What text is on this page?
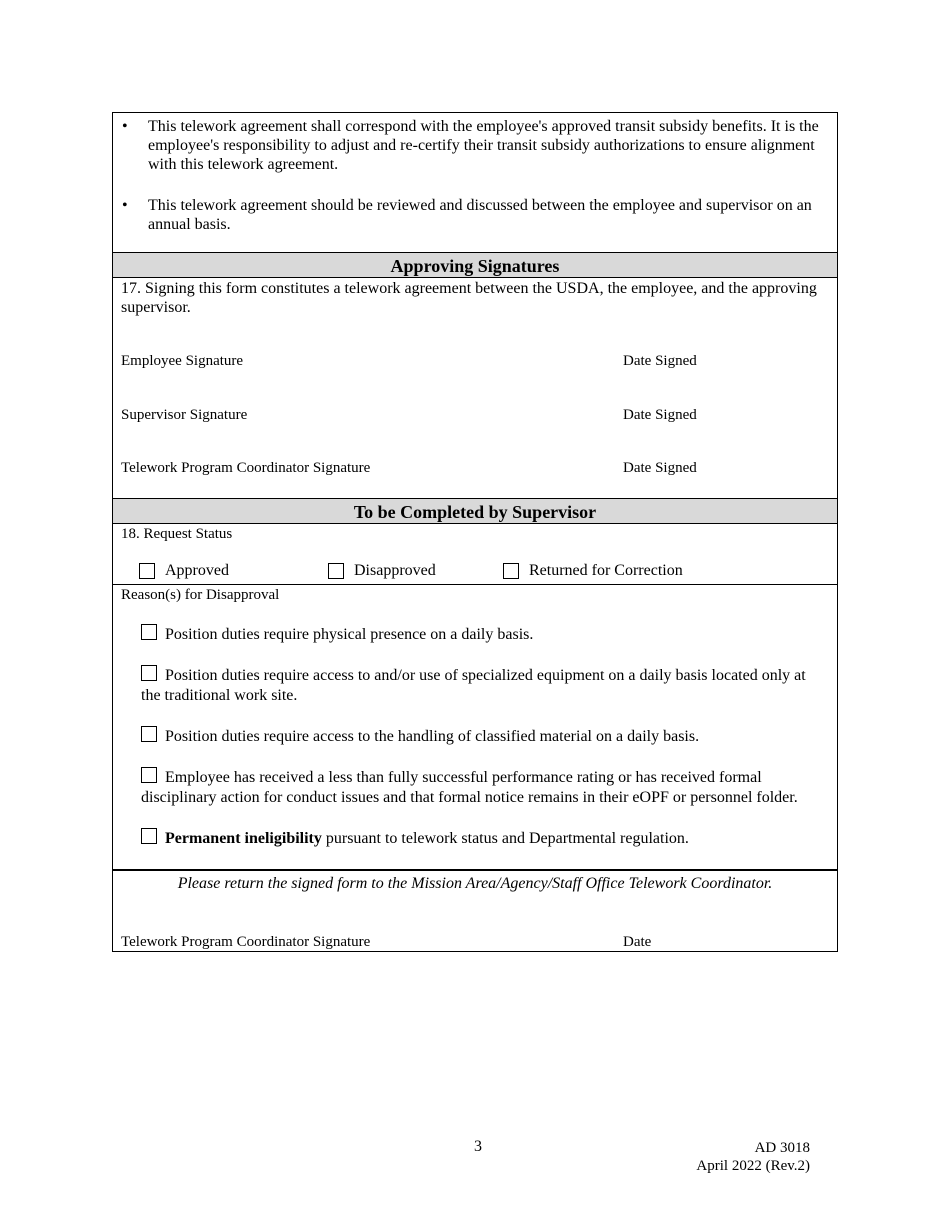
•	This telework agreement shall correspond with the employee's approved transit subsidy benefits. It is the employee's responsibility to adjust and re-certify their transit subsidy authorizations to ensure alignment with this telework agreement.
•	This telework agreement should be reviewed and discussed between the employee and supervisor on an annual basis.
Approving Signatures
17. Signing this form constitutes a telework agreement between the USDA, the employee, and the approving supervisor.
Employee Signature	Date Signed
Supervisor Signature	Date Signed
Telework Program Coordinator Signature	Date Signed
To be Completed by Supervisor
18. Request Status
Approved	Disapproved	Returned for Correction
Reason(s) for Disapproval
Position duties require physical presence on a daily basis.
Position duties require access to and/or use of specialized equipment on a daily basis located only at the traditional work site.
Position duties require access to the handling of classified material on a daily basis.
Employee has received a less than fully successful performance rating or has received formal disciplinary action for conduct issues and that formal notice remains in their eOPF or personnel folder.
Permanent ineligibility pursuant to telework status and Departmental regulation.
Please return the signed form to the Mission Area/Agency/Staff Office Telework Coordinator.
Telework Program Coordinator Signature	Date
3	AD 3018
April 2022 (Rev.2)
